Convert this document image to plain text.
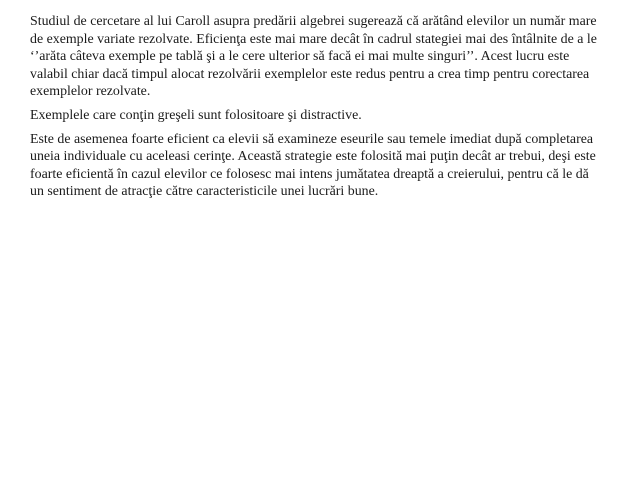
Studiul de cercetare al lui Caroll asupra predării algebrei sugerează că arătând elevilor un număr mare
de exemple variate rezolvate. Eficienţa este mai mare decât în cadrul stategiei mai des întâlnite de a le
‘’arăta câteva exemple pe tablă şi a le cere ulterior să facă ei mai multe singuri’’. Acest lucru este
valabil chiar dacă timpul alocat rezolvării exemplelor este redus pentru a crea timp pentru corectarea
exemplelor rezolvate.

Exemplele care conţin greşeli sunt folositoare şi distractive.

Este de asemenea foarte eficient ca elevii să examineze eseurile sau temele imediat după completarea
uneia individuale cu aceleasi cerinţe. Această strategie este folosită mai puţin decât ar trebui, deşi este
foarte eficientă în cazul elevilor ce folosesc mai intens jumătatea dreaptă a creierului, pentru că le dă
un sentiment de atracţie către caracteristicile unei lucrări bune.
